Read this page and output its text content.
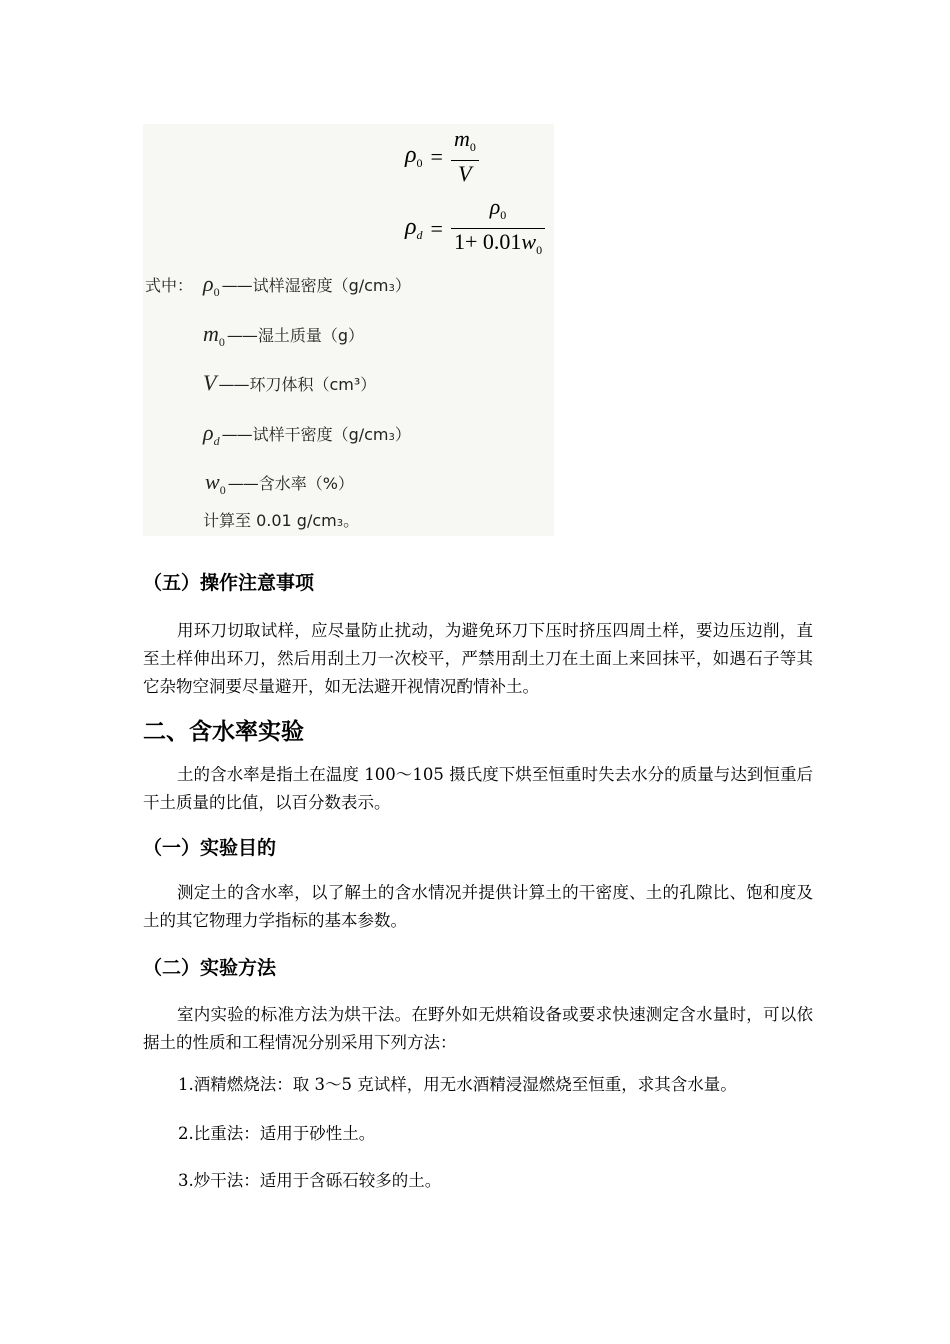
$\rho_0 = \frac{m_0}{V}$
$\rho_d = \frac{\rho_0}{1+ 0.01w_0}$
式中： $\rho_0$ —— 试样湿密度（$g/cm_3$ ）
$m_0$ —— 湿土质量（g）
V —— 环刀体积（cm³）
$\rho_d$ —— 试样干密度（$g/cm_3$ ）
$w_0$ —— 含水率（%）
计算至 0.01 $g/cm_3$ 。
（五）操作注意事项

用环刀切取试样，应尽量防止扰动，为避免环刀下压时挤压四周土样，要边压边削，直至土样伸出环刀，然后用刮土刀一次校平，严禁用刮土刀在土面上来回抹平，如遇石子等其它杂物空洞要尽量避开，如无法避开视情况酌情补土。

二、含水率实验

土的含水率是指土在温度 100～105 摄氏度下烘至恒重时失去水分的质量与达到恒重后干土质量的比值，以百分数表示。

（一）实验目的

测定土的含水率，以了解土的含水情况并提供计算土的干密度、土的孔隙比、饱和度及土的其它物理力学指标的基本参数。

（二）实验方法

室内实验的标准方法为烘干法。在野外如无烘箱设备或要求快速测定含水量时，可以依据土的性质和工程情况分别采用下列方法：

1.酒精燃烧法：取 3～5 克试样，用无水酒精浸湿燃烧至恒重，求其含水量。

2.比重法：适用于砂性土。

3.炒干法：适用于含砾石较多的土。
